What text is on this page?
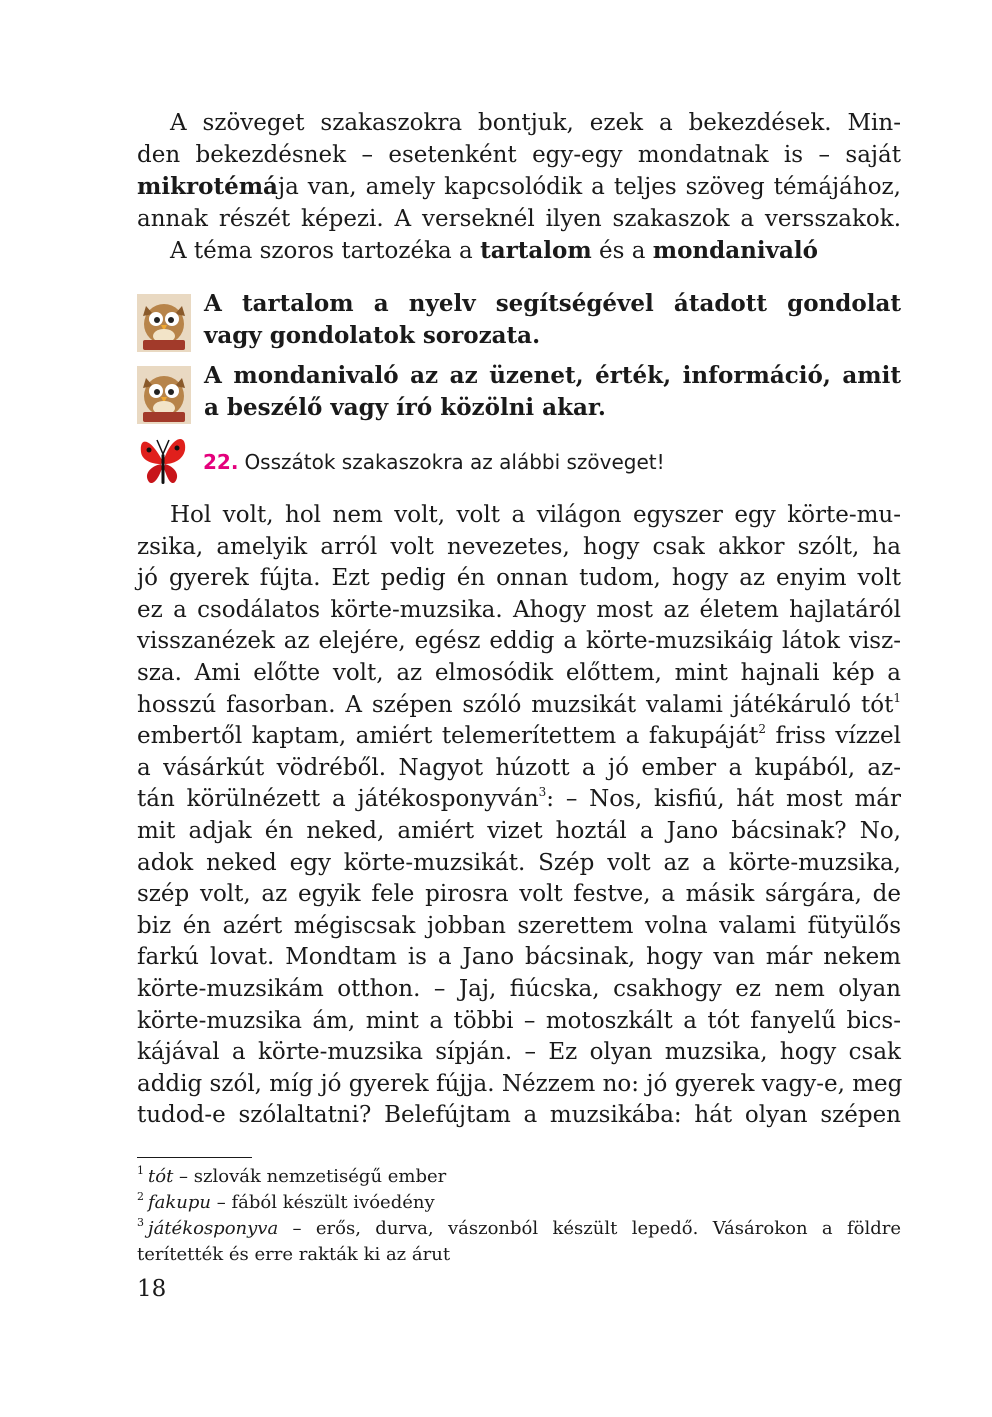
A szöveget szakaszokra bontjuk, ezek a bekezdések. Min-
den bekezdésnek – esetenként egy-egy mondatnak is – saját
mikrotémája van, amely kapcsolódik a teljes szöveg témájához,
annak részét képezi. A verseknél ilyen szakaszok a versszakok.
A téma szoros tartozéka a tartalom és a mondanivaló
A tartalom a nyelv segítségével átadott gondolat
vagy gondolatok sorozata.
A mondanivaló az az üzenet, érték, információ, amit
a beszélő vagy író közölni akar.
22. Osszátok szakaszokra az alábbi szöveget!
Hol volt, hol nem volt, volt a világon egyszer egy körte-mu-
zsika, amelyik arról volt nevezetes, hogy csak akkor szólt, ha
jó gyerek fújta. Ezt pedig én onnan tudom, hogy az enyim volt
ez a csodálatos körte-muzsika. Ahogy most az életem hajlatáról
visszanézek az elejére, egész eddig a körte-muzsikáig látok visz-
sza. Ami előtte volt, az elmosódik előttem, mint hajnali kép a
hosszú fasorban. A szépen szóló muzsikát valami játékáruló tót$^1$
embertől kaptam, amiért telemerítettem a fakupáját$^2$ friss vízzel
a vásárkút vödréből. Nagyot húzott a jó ember a kupából, az-
tán körülnézett a játékosponyván$^3$: – Nos, kisfiú, hát most már
mit adjak én neked, amiért vizet hoztál a Jano bácsinak? No,
adok neked egy körte-muzsikát. Szép volt az a körte-muzsika,
szép volt, az egyik fele pirosra volt festve, a másik sárgára, de
biz én azért mégiscsak jobban szerettem volna valami fütyülős
farkú lovat. Mondtam is a Jano bácsinak, hogy van már nekem
körte-muzsikám otthon. – Jaj, fiúcska, csakhogy ez nem olyan
körte-muzsika ám, mint a többi – motoszkált a tót fanyelű bics-
kájával a körte-muzsika sípján. – Ez olyan muzsika, hogy csak
addig szól, míg jó gyerek fújja. Nézzem no: jó gyerek vagy-e, meg
tudod-e szólaltatni? Belefújtam a muzsikába: hát olyan szépen
$^1$ tót – szlovák nemzetiségű ember
$^2$ fakupu – fából készült ivóedény
$^3$ játékosponyva – erős, durva, vászonból készült lepedő. Vásárokon a földre
terítették és erre rakták ki az árut
18
